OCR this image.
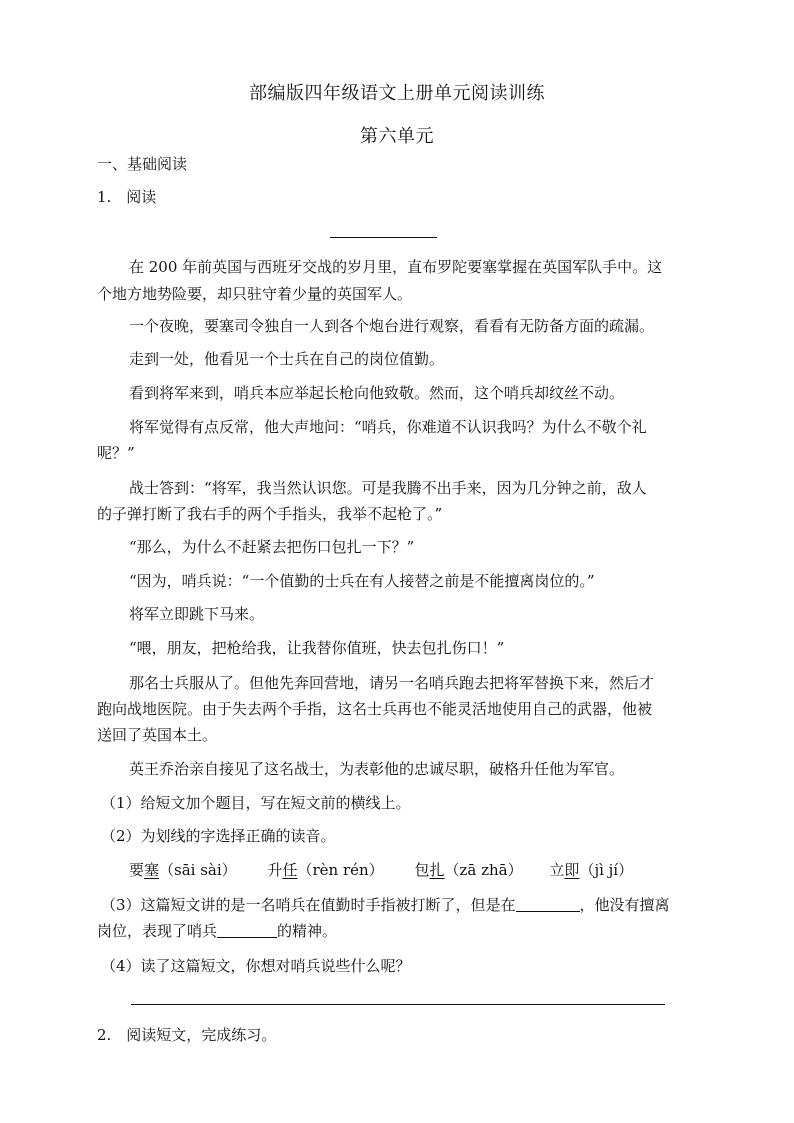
部编版四年级语文上册单元阅读训练
第六单元
一、基础阅读
1.　阅读
在 200 年前英国与西班牙交战的岁月里，直布罗陀要塞掌握在英国军队手中。这
个地方地势险要，却只驻守着少量的英国军人。
一个夜晚，要塞司令独自一人到各个炮台进行观察，看看有无防备方面的疏漏。
走到一处，他看见一个士兵在自己的岗位值勤。
看到将军来到，哨兵本应举起长枪向他致敬。然而，这个哨兵却纹丝不动。
将军觉得有点反常，他大声地问：“哨兵，你难道不认识我吗？为什么不敬个礼
呢？”
战士答到：“将军，我当然认识您。可是我腾不出手来，因为几分钟之前，敌人
的子弹打断了我右手的两个手指头，我举不起枪了。”
“那么，为什么不赶紧去把伤口包扎一下？”
“因为，哨兵说：“一个值勤的士兵在有人接替之前是不能擅离岗位的。”
将军立即跳下马来。
“喂，朋友，把枪给我，让我替你值班，快去包扎伤口！”
那名士兵服从了。但他先奔回营地，请另一名哨兵跑去把将军替换下来，然后才
跑向战地医院。由于失去两个手指，这名士兵再也不能灵活地使用自己的武器，他被
送回了英国本土。
英王乔治亲自接见了这名战士，为表彰他的忠诚尽职，破格升任他为军官。
（1）给短文加个题目，写在短文前的横线上。
（2）为划线的字选择正确的读音。
要塞（sāi sài） 升任（rèn rén） 包扎（zā zhā） 立即（jì jí）
（3）这篇短文讲的是一名哨兵在值勤时手指被打断了，但是在	，他没有擅离
岗位，表现了哨兵	的精神。
（4）读了这篇短文，你想对哨兵说些什么呢？
2.　阅读短文，完成练习。
